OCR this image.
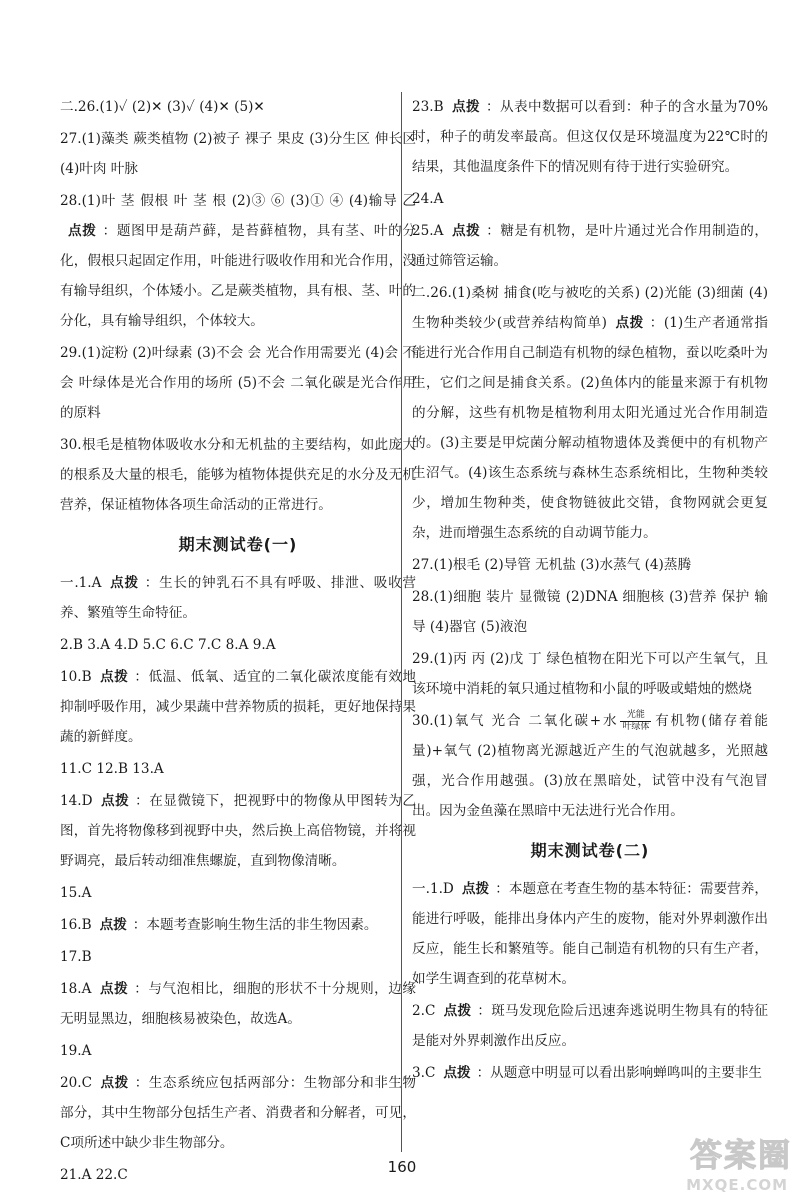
二.26.(1)✓ (2)✕ (3)✓ (4)✕ (5)✕
27.(1)藻类 蕨类植物 (2)被子 裸子 果皮 (3)分生区 伸长区 (4)叶肉 叶脉
28.(1)叶 茎 假根 叶 茎 根 (2)③ ⑥ (3)① ④ (4)输导 乙点拨 ：题图甲是葫芦藓，是苔藓植物，具有茎、叶的分化，假根只起固定作用，叶能进行吸收作用和光合作用，没有输导组织，个体矮小。乙是蕨类植物，具有根、茎、叶的分化，具有输导组织，个体较大。
29.(1)淀粉 (2)叶绿素 (3)不会 会 光合作用需要光 (4)会 不会 叶绿体是光合作用的场所 (5)不会 二氧化碳是光合作用的原料
30.根毛是植物体吸收水分和无机盐的主要结构，如此庞大的根系及大量的根毛，能够为植物体提供充足的水分及无机营养，保证植物体各项生命活动的正常进行。
期末测试卷(一)
一.1.A 点拨 ：生长的钟乳石不具有呼吸、排泄、吸收营养、繁殖等生命特征。
2.B 3.A 4.D 5.C 6.C 7.C 8.A 9.A
10.B 点拨 ：低温、低氧、适宜的二氧化碳浓度能有效地抑制呼吸作用，减少果蔬中营养物质的损耗，更好地保持果蔬的新鲜度。
11.C 12.B 13.A
14.D 点拨 ：在显微镜下，把视野中的物像从甲图转为乙图，首先将物像移到视野中央，然后换上高倍物镜，并将视野调亮，最后转动细准焦螺旋，直到物像清晰。
15.A
16.B 点拨 ：本题考查影响生物生活的非生物因素。
17.B
18.A 点拨 ：与气泡相比，细胞的形状不十分规则，边缘无明显黑边，细胞核易被染色，故选A。
19.A
20.C 点拨 ：生态系统应包括两部分：生物部分和非生物部分，其中生物部分包括生产者、消费者和分解者，可见，C项所述中缺少非生物部分。
21.A 22.C
23.B 点拨 ：从表中数据可以看到：种子的含水量为70%时，种子的萌发率最高。但这仅仅是环境温度为22℃时的结果，其他温度条件下的情况则有待于进行实验研究。
24.A
25.A 点拨 ：糖是有机物，是叶片通过光合作用制造的，通过筛管运输。
二.26.(1)桑树 捕食(吃与被吃的关系) (2)光能 (3)细菌 (4)生物种类较少(或营养结构简单) 点拨 ：(1)生产者通常指能进行光合作用自己制造有机物的绿色植物，蚕以吃桑叶为生，它们之间是捕食关系。(2)鱼体内的能量来源于有机物的分解，这些有机物是植物利用太阳光通过光合作用制造的。(3)主要是甲烷菌分解动植物遗体及粪便中的有机物产生沼气。(4)该生态系统与森林生态系统相比，生物种类较少，增加生物种类，使食物链彼此交错，食物网就会更复杂，进而增强生态系统的自动调节能力。
27.(1)根毛 (2)导管 无机盐 (3)水蒸气 (4)蒸腾
28.(1)细胞 装片 显微镜 (2)DNA 细胞核 (3)营养 保护 输导 (4)器官 (5)液泡
29.(1)丙 丙 (2)戊 丁 绿色植物在阳光下可以产生氧气，且该环境中消耗的氧只通过植物和小鼠的呼吸或蜡烛的燃烧
30.(1)氧气 光合 二氧化碳+水 $\frac{\text{光能}}{\text{叶绿体}}$ 有机物(储存着能量)+氧气 (2)植物离光源越近产生的气泡就越多，光照越强，光合作用越强。(3)放在黑暗处，试管中没有气泡冒出。因为金鱼藻在黑暗中无法进行光合作用。
期末测试卷(二)
一.1.D 点拨 ：本题意在考查生物的基本特征：需要营养，能进行呼吸，能排出身体内产生的废物，能对外界刺激作出反应，能生长和繁殖等。能自己制造有机物的只有生产者，如学生调查到的花草树木。
2.C 点拨 ：斑马发现危险后迅速奔逃说明生物具有的特征是能对外界刺激作出反应。
3.C 点拨 ：从题意中明显可以看出影响蝉鸣叫的主要非生
160	答案圈
MXQE.COM
